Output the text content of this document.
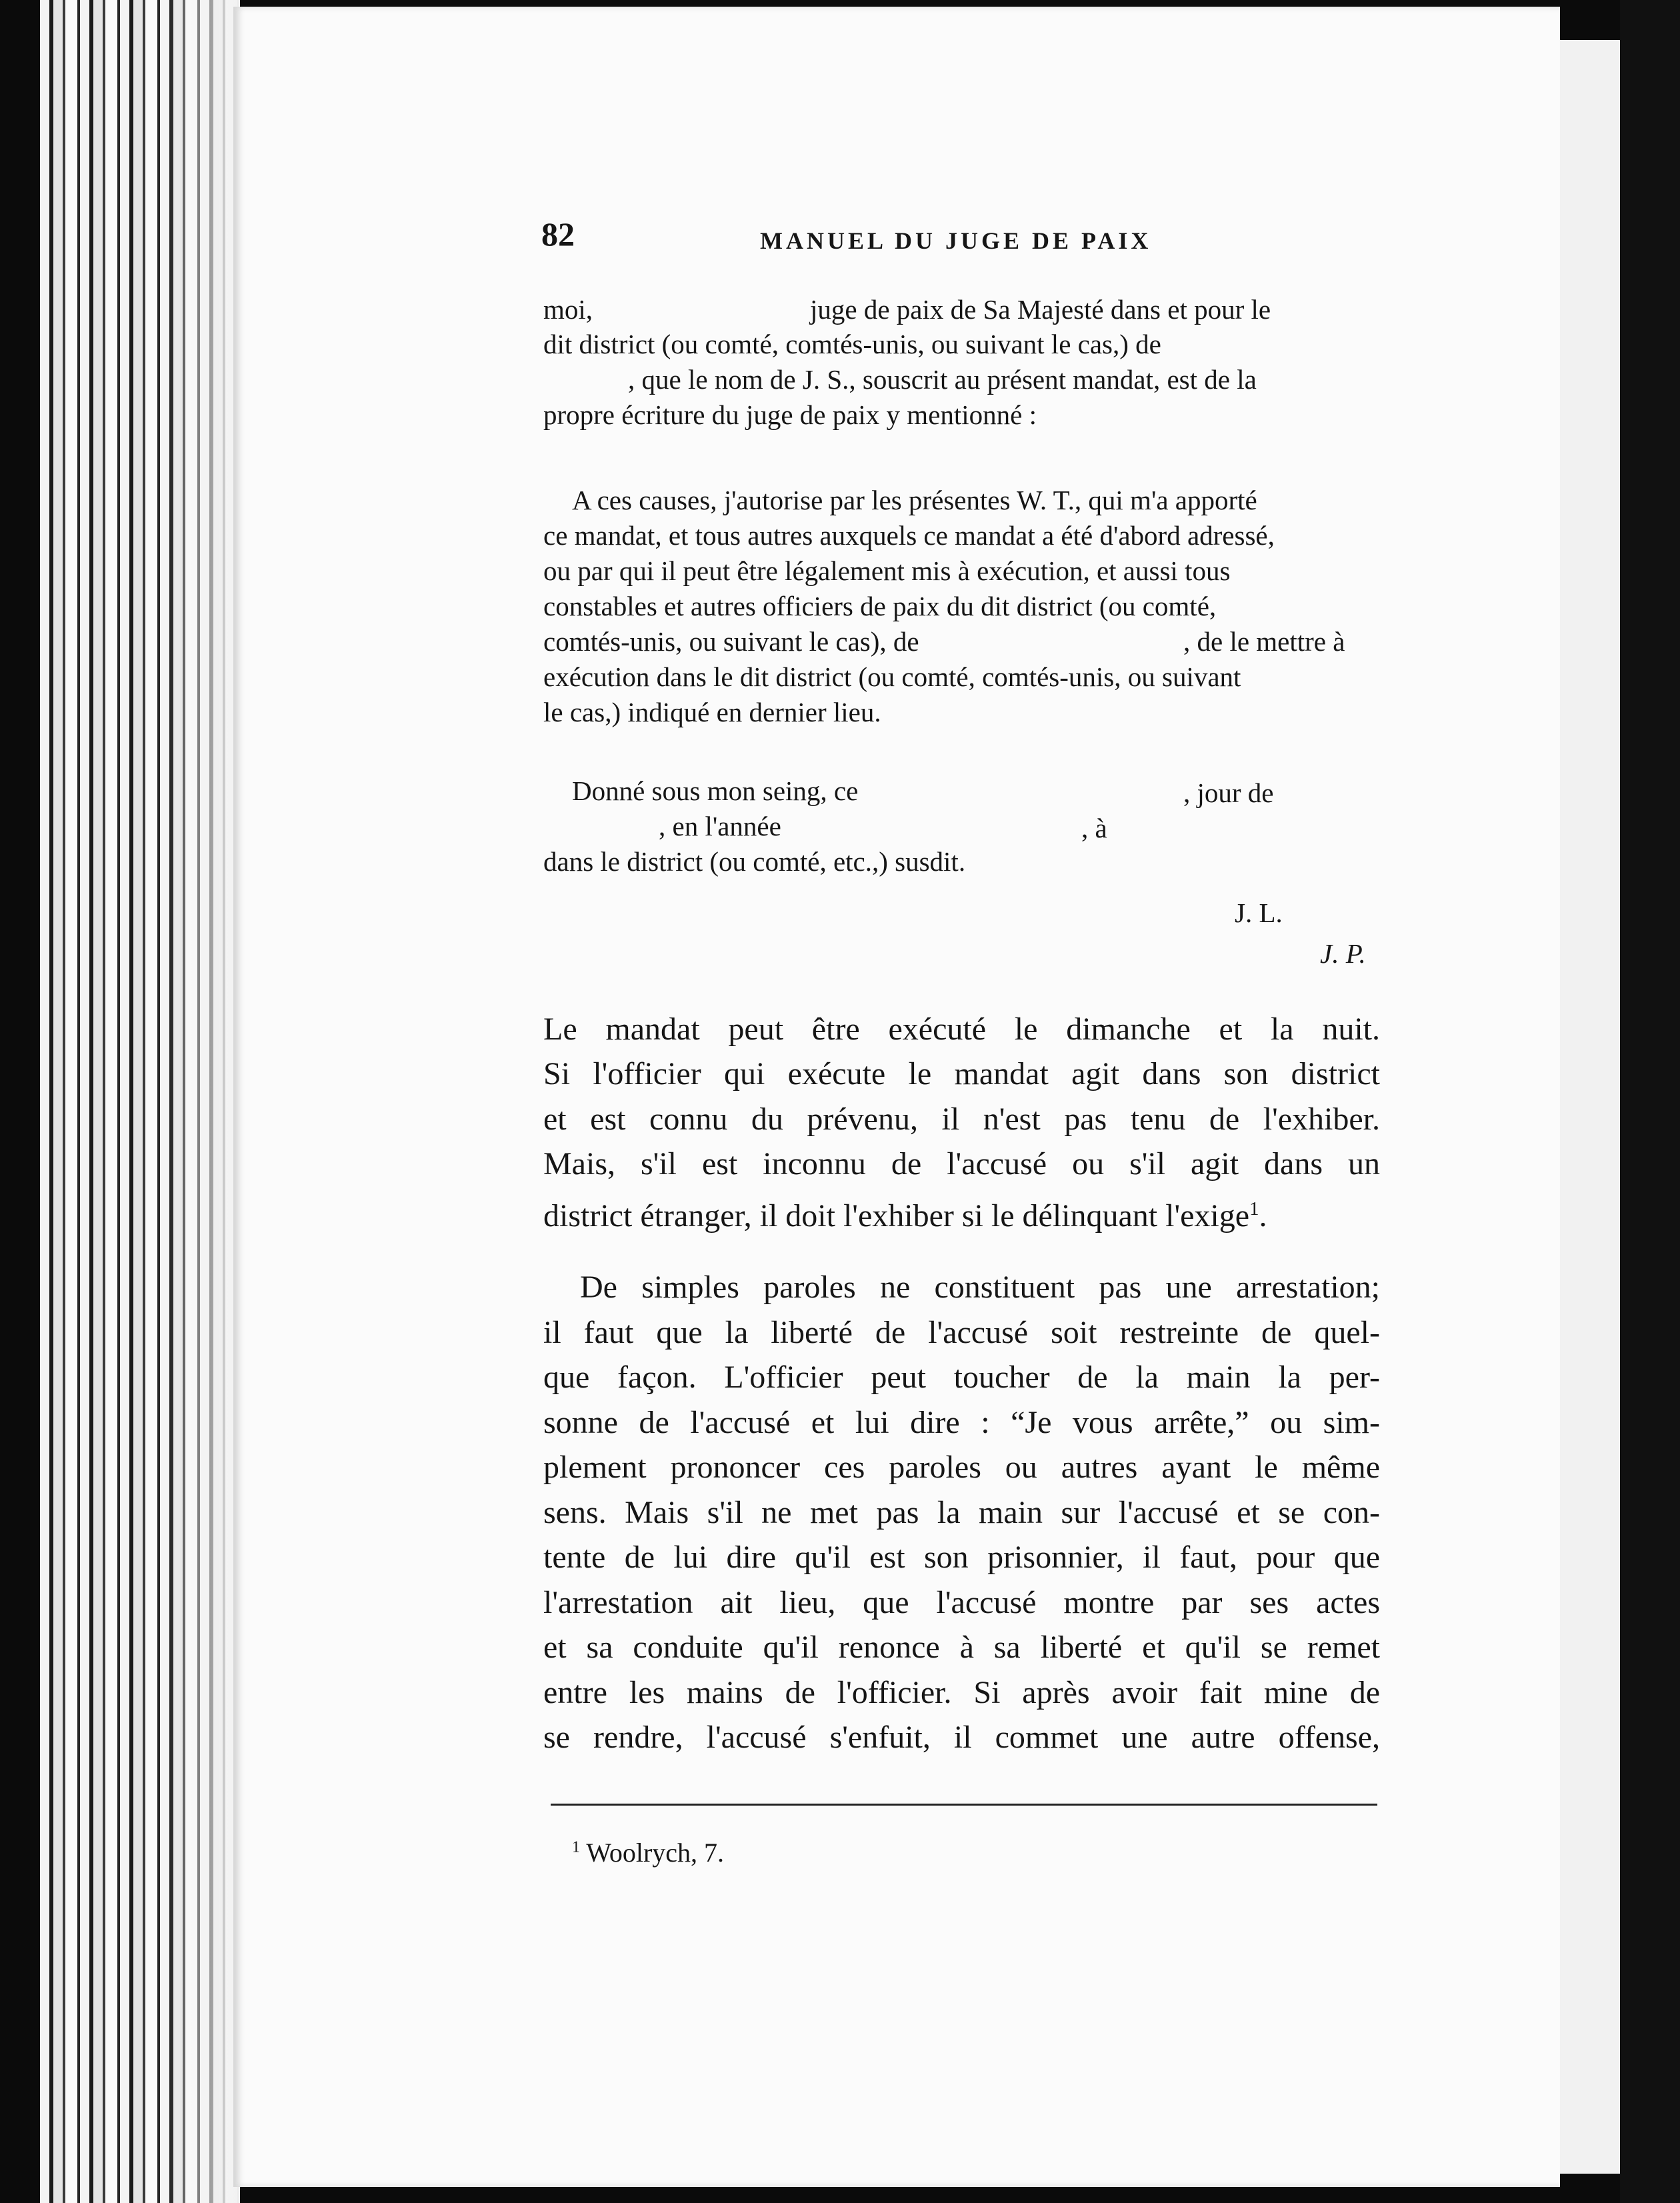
82	MANUEL DU JUGE DE PAIX
moi,	juge de paix de Sa Majesté dans et pour le
dit district (ou comté, comtés-unis, ou suivant le cas,) de
, que le nom de J. S., souscrit au présent mandat, est de la
propre écriture du juge de paix y mentionné :
A ces causes, j'autorise par les présentes W. T., qui m'a apporté
ce mandat, et tous autres auxquels ce mandat a été d'abord adressé,
ou par qui il peut être légalement mis à exécution, et aussi tous
constables et autres officiers de paix du dit district (ou comté,
comtés-unis, ou suivant le cas), de	, de le mettre à
exécution dans le dit district (ou comté, comtés-unis, ou suivant
le cas,) indiqué en dernier lieu.
Donné sous mon seing, ce	, jour de
, en l'année	, à
dans le district (ou comté, etc.,) susdit.
J. L.
J. P.
Le mandat peut être exécuté le dimanche et la nuit.
Si l'officier qui exécute le mandat agit dans son district
et est connu du prévenu, il n'est pas tenu de l'exhiber.
Mais, s'il est inconnu de l'accusé ou s'il agit dans un
district étranger, il doit l'exhiber si le délinquant l'exige$^1$.
De simples paroles ne constituent pas une arrestation;
il faut que la liberté de l'accusé soit restreinte de quel-
que façon. L'officier peut toucher de la main la per-
sonne de l'accusé et lui dire : “Je vous arrête,” ou sim-
plement prononcer ces paroles ou autres ayant le même
sens. Mais s'il ne met pas la main sur l'accusé et se con-
tente de lui dire qu'il est son prisonnier, il faut, pour que
l'arrestation ait lieu, que l'accusé montre par ses actes
et sa conduite qu'il renonce à sa liberté et qu'il se remet
entre les mains de l'officier. Si après avoir fait mine de
se rendre, l'accusé s'enfuit, il commet une autre offense,
$^1$ Woolrych, 7.
